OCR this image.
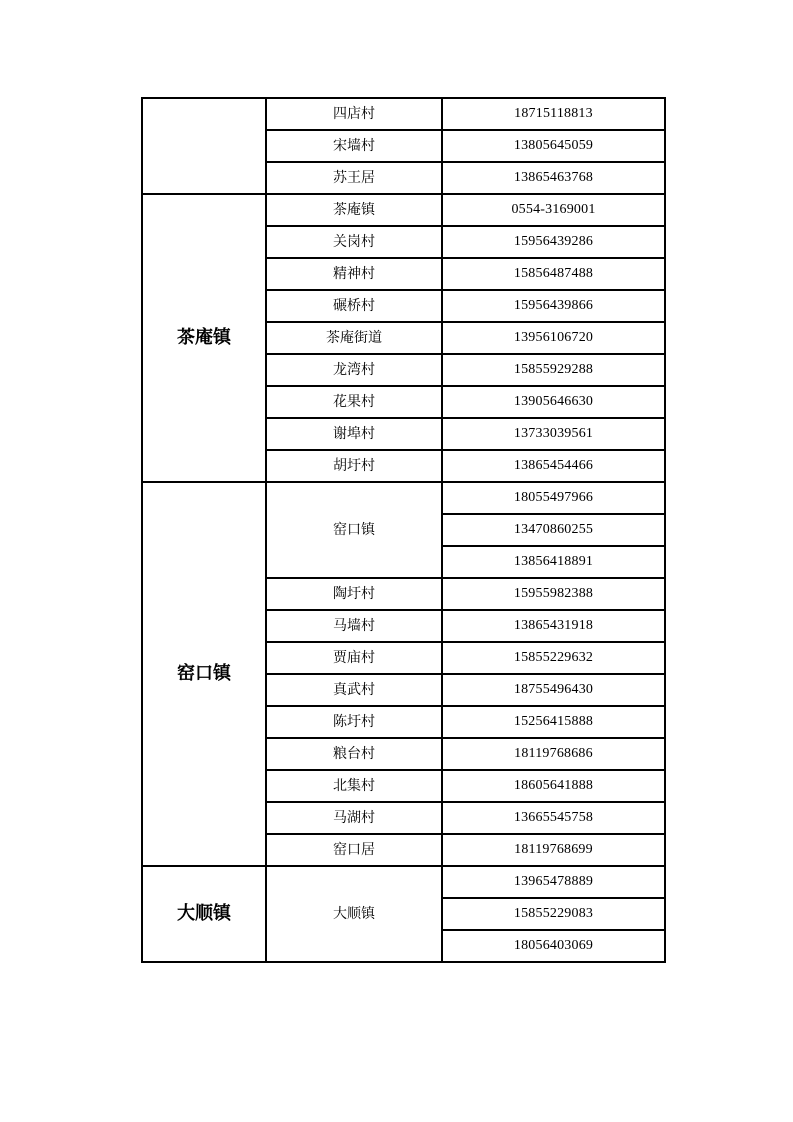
	四店村	18715118813
	宋墙村	13805645059
	苏王居	13865463768
茶庵镇	茶庵镇	0554-3169001
	关岗村	15956439286
	精神村	15856487488
	碾桥村	15956439866
	茶庵街道	13956106720
	龙湾村	15855929288
	花果村	13905646630
	谢埠村	13733039561
	胡圩村	13865454466
窑口镇	窑口镇	18055497966
		13470860255
		13856418891
	陶圩村	15955982388
	马墙村	13865431918
	贾庙村	15855229632
	真武村	18755496430
	陈圩村	15256415888
	粮台村	18119768686
	北集村	18605641888
	马湖村	13665545758
	窑口居	18119768699
大顺镇	大顺镇	13965478889
		15855229083
		18056403069
